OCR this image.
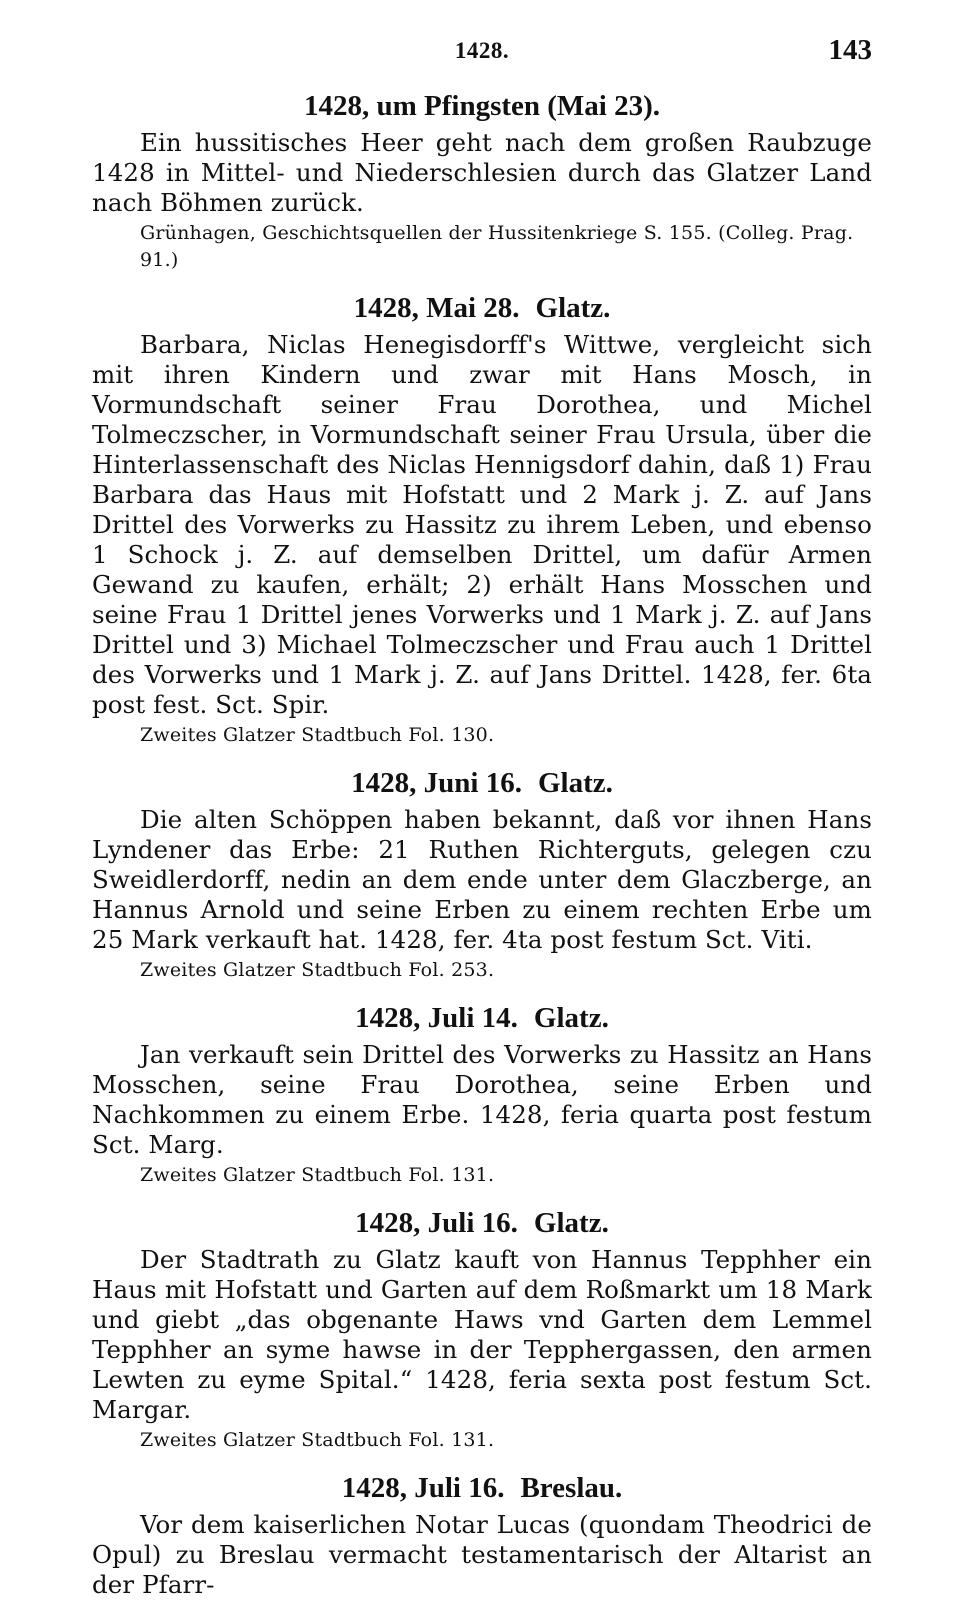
1428.	143
1428, um Pfingsten (Mai 23).

Ein hussitisches Heer geht nach dem großen Raubzuge 1428 in Mittel- und Niederschlesien durch das Glatzer Land nach Böhmen zurück.

Grünhagen, Geschichtsquellen der Hussitenkriege S. 155. (Colleg. Prag. 91.)
1428, Mai 28. Glatz.

Barbara, Niclas Henegisdorff's Wittwe, vergleicht sich mit ihren Kindern und zwar mit Hans Mosch, in Vormundschaft seiner Frau Dorothea, und Michel Tolmeczscher, in Vormundschaft seiner Frau Ursula, über die Hinterlassenschaft des Niclas Hennigsdorf dahin, daß 1) Frau Barbara das Haus mit Hofstatt und 2 Mark j. Z. auf Jans Drittel des Vorwerks zu Hassitz zu ihrem Leben, und ebenso 1 Schock j. Z. auf demselben Drittel, um dafür Armen Gewand zu kaufen, erhält; 2) erhält Hans Mosschen und seine Frau 1 Drittel jenes Vorwerks und 1 Mark j. Z. auf Jans Drittel und 3) Michael Tolmeczscher und Frau auch 1 Drittel des Vorwerks und 1 Mark j. Z. auf Jans Drittel. 1428, fer. 6ta post fest. Sct. Spir.

Zweites Glatzer Stadtbuch Fol. 130.
1428, Juni 16. Glatz.

Die alten Schöppen haben bekannt, daß vor ihnen Hans Lyndener das Erbe: 21 Ruthen Richterguts, gelegen czu Sweidlerdorff, nedin an dem ende unter dem Glaczberge, an Hannus Arnold und seine Erben zu einem rechten Erbe um 25 Mark verkauft hat. 1428, fer. 4ta post festum Sct. Viti.

Zweites Glatzer Stadtbuch Fol. 253.
1428, Juli 14. Glatz.

Jan verkauft sein Drittel des Vorwerks zu Hassitz an Hans Mosschen, seine Frau Dorothea, seine Erben und Nachkommen zu einem Erbe. 1428, feria quarta post festum Sct. Marg.

Zweites Glatzer Stadtbuch Fol. 131.
1428, Juli 16. Glatz.

Der Stadtrath zu Glatz kauft von Hannus Tepphher ein Haus mit Hofstatt und Garten auf dem Roßmarkt um 18 Mark und giebt „das obgenante Haws vnd Garten dem Lemmel Tepphher an syme hawse in der Tepphergassen, den armen Lewten zu eyme Spital.“ 1428, feria sexta post festum Sct. Margar.

Zweites Glatzer Stadtbuch Fol. 131.
1428, Juli 16. Breslau.

Vor dem kaiserlichen Notar Lucas (quondam Theodrici de Opul) zu Breslau vermacht testamentarisch der Altarist an der Pfarr-
